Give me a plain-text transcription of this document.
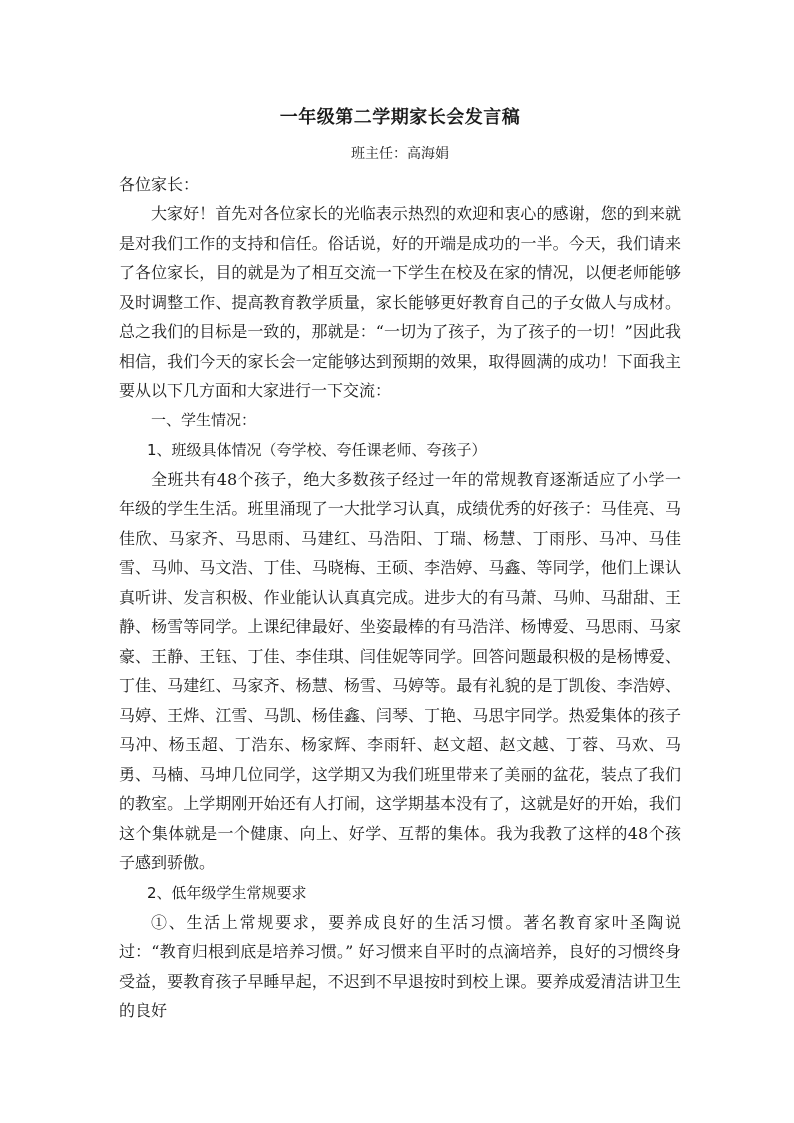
一年级第二学期家长会发言稿

班主任：高海娟

各位家长：

大家好！首先对各位家长的光临表示热烈的欢迎和衷心的感谢，您的到来就是对我们工作的支持和信任。俗话说，好的开端是成功的一半。今天，我们请来了各位家长，目的就是为了相互交流一下学生在校及在家的情况，以便老师能够及时调整工作、提高教育教学质量，家长能够更好教育自己的子女做人与成材。总之我们的目标是一致的，那就是：“一切为了孩子，为了孩子的一切！”因此我相信，我们今天的家长会一定能够达到预期的效果，取得圆满的成功！下面我主要从以下几方面和大家进行一下交流：

一、学生情况：

1、班级具体情况（夸学校、夸任课老师、夸孩子）

全班共有48个孩子，绝大多数孩子经过一年的常规教育逐渐适应了小学一年级的学生生活。班里涌现了一大批学习认真，成绩优秀的好孩子：马佳亮、马佳欣、马家齐、马思雨、马建红、马浩阳、丁瑞、杨慧、丁雨彤、马冲、马佳雪、马帅、马文浩、丁佳、马晓梅、王硕、李浩婷、马鑫、等同学，他们上课认真听讲、发言积极、作业能认认真真完成。进步大的有马萧、马帅、马甜甜、王静、杨雪等同学。上课纪律最好、坐姿最棒的有马浩洋、杨博爱、马思雨、马家豪、王静、王钰、丁佳、李佳琪、闫佳妮等同学。回答问题最积极的是杨博爱、丁佳、马建红、马家齐、杨慧、杨雪、马婷等。最有礼貌的是丁凯俊、李浩婷、马婷、王烨、江雪、马凯、杨佳鑫、闫琴、丁艳、马思宇同学。热爱集体的孩子马冲、杨玉超、丁浩东、杨家辉、李雨轩、赵文超、赵文越、丁蓉、马欢、马勇、马楠、马坤几位同学，这学期又为我们班里带来了美丽的盆花，装点了我们的教室。上学期刚开始还有人打闹，这学期基本没有了，这就是好的开始，我们这个集体就是一个健康、向上、好学、互帮的集体。我为我教了这样的48个孩子感到骄傲。

2、低年级学生常规要求

①、生活上常规要求，要养成良好的生活习惯。著名教育家叶圣陶说过：“教育归根到底是培养习惯。” 好习惯来自平时的点滴培养，良好的习惯终身受益，要教育孩子早睡早起，不迟到不早退按时到校上课。要养成爱清洁讲卫生的良好
